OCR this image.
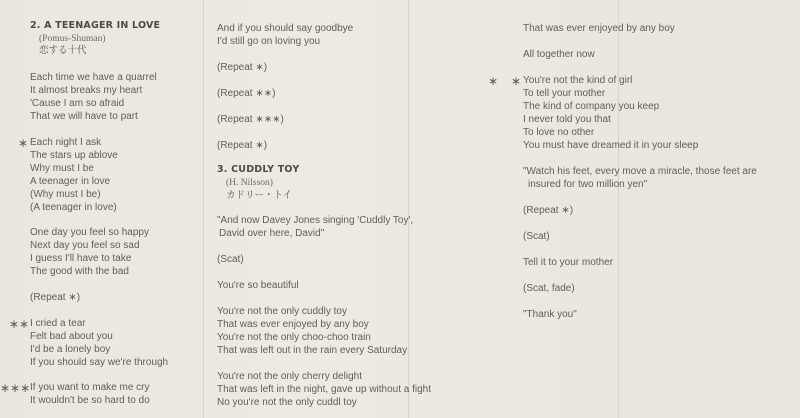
2. A TEENAGER IN LOVE
(Pomus-Shuman)
恋する十代
Each time we have a quarrel
It almost breaks my heart
'Cause I am so afraid
That we will have to part
∗ Each night I ask
The stars up ablove
Why must I be
A teenager in love
(Why must I be)
(A teenager in love)
One day you feel so happy
Next day you feel so sad
I guess I'll have to take
The good with the bad
(Repeat ∗)
∗∗ I cried a tear
Felt bad about you
I'd be a lonely boy
If you should say we're through
∗∗∗ If you want to make me cry
It wouldn't be so hard to do
And if you should say goodbye
I'd still go on loving you
(Repeat ∗)
(Repeat ∗∗)
(Repeat ∗∗∗)
(Repeat ∗)
3. CUDDLY TOY
(H. Nilsson)
カドリー・トイ
"And now Davey Jones singing 'Cuddly Toy',
David over here, David"
(Scat)
You're so beautiful
You're not the only cuddly toy
That was ever enjoyed by any boy
You're not the only choo-choo train
That was left out in the rain every Saturday
You're not the only cherry delight
That was left in the night, gave up without a fight
No you're not the only cuddl toy
That was ever enjoyed by any boy
All together now
∗ ∗ You're not the kind of girl
To tell your mother
The kind of company you keep
I never told you that
To love no other
You must have dreamed it in your sleep
"Watch his feet, every move a miracle, those feet are
insured for two million yen"
(Repeat ∗)
(Scat)
Tell it to your mother
(Scat, fade)
"Thank you"
